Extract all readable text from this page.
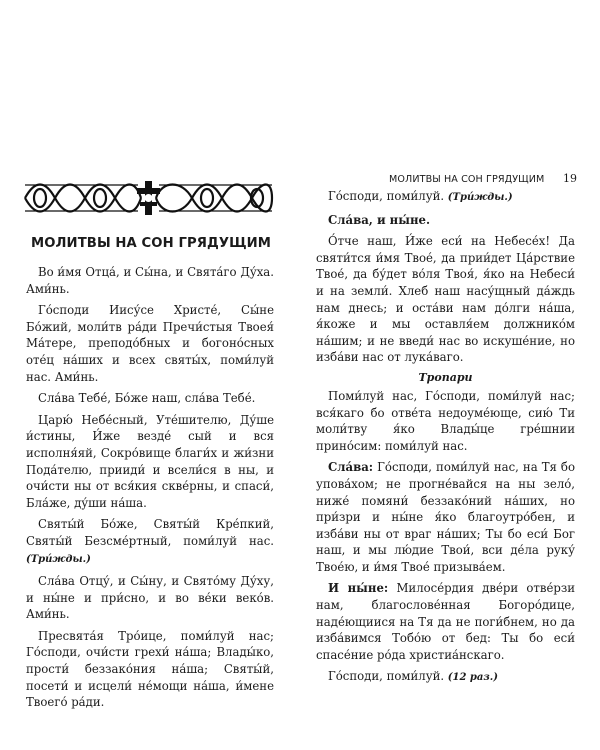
МОЛИТВЫ НА СОН ГРЯДУЩИМ

Во и́мя Отца́, и Сы́на, и Свята́го Ду́ха. Ами́нь.

Го́споди Иису́се Христе́, Сы́не Бо́жий, моли́тв ра́ди Пречи́стыя Твоея́ Ма́тере, преподо́бных и богоно́сных оте́ц на́ших и всех святы́х, поми́луй нас. Ами́нь.

Сла́ва Тебе́, Бо́же наш, сла́ва Тебе́.

Царю́ Небе́сный, Уте́шителю, Ду́ше и́стины, И́же везде́ сый и вся исполня́яй, Сокро́вище благи́х и жи́зни Пода́телю, прииди́ и всели́ся в ны, и очи́сти ны от вся́кия скве́рны, и спаси́, Бла́же, ду́ши на́ша.

Святы́й Бо́же, Святы́й Кре́пкий, Святы́й Безсме́ртный, поми́луй нас. (Три́жды.)

Сла́ва Отцу́, и Сы́ну, и Свято́му Ду́ху, и ны́не и при́сно, и во ве́ки веко́в. Ами́нь.

Пресвята́я Тро́ице, поми́луй нас; Го́споди, очи́сти грехи́ на́ша; Влады́ко, прости́ беззако́ния на́ша; Святы́й, посети́ и исцели́ не́мощи на́ша, и́мене Твоего́ ра́ди.

МОЛИТВЫ НА СОН ГРЯДУЩИМ 19

Го́споди, поми́луй. (Три́жды.)

Сла́ва, и ны́не.

О́тче наш, И́же еси́ на Небесе́х! Да святи́тся и́мя Твое́, да прии́дет Ца́рствие Твое́, да бу́дет во́ля Твоя́, я́ко на Небеси́ и на земли́. Хлеб наш насу́щный да́ждь нам днесь; и оста́ви нам до́лги на́ша, я́коже и мы оставля́ем должнико́м на́шим; и не введи́ нас во искуше́ние, но изба́ви нас от лука́ваго.

Тропари

Поми́луй нас, Го́споди, поми́луй нас; вся́каго бо отве́та недоуме́юще, сию́ Ти моли́тву я́ко Влады́це гре́шнии прино́сим: поми́луй нас.

Сла́ва: Го́споди, поми́луй нас, на Тя бо упова́хом; не прогне́вайся на ны зело́, ниже́ помяни́ беззако́ний на́ших, но при́зри и ны́не я́ко благоутро́бен, и изба́ви ны от враг на́ших; Ты бо еси́ Бог наш, и мы лю́дие Твои́, вси де́ла руку́ Твое́ю, и и́мя Твое́ призыва́ем.

И ны́не: Милосе́рдия две́ри отве́рзи нам, благослове́нная Богоро́дице, наде́ющиися на Тя да не поги́бнем, но да изба́вимся Тобо́ю от бед: Ты бо еси́ спасе́ние ро́да христиа́нскаго.

Го́споди, поми́луй. (12 раз.)
